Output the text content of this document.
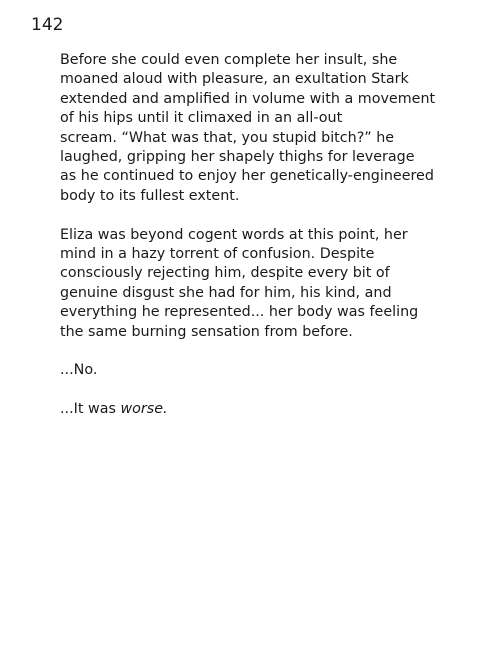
142
Before she could even complete her insult, she
moaned aloud with pleasure, an exultation Stark
extended and amplified in volume with a movement
of his hips until it climaxed in an all-out
scream. “What was that, you stupid bitch?” he
laughed, gripping her shapely thighs for leverage
as he continued to enjoy her genetically-engineered
body to its fullest extent.
Eliza was beyond cogent words at this point, her
mind in a hazy torrent of confusion. Despite
consciously rejecting him, despite every bit of
genuine disgust she had for him, his kind, and
everything he represented... her body was feeling
the same burning sensation from before.
...No.
...It was worse.
